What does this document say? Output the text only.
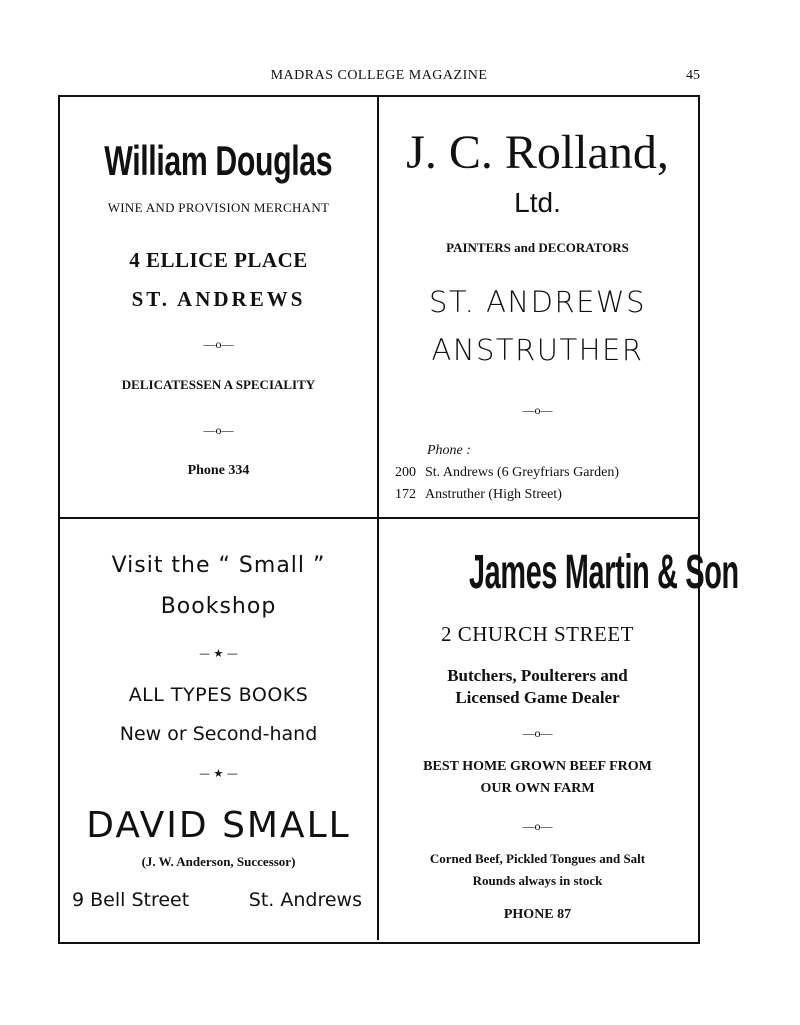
MADRAS COLLEGE MAGAZINE	45
William Douglas
WINE AND PROVISION MERCHANT
4 ELLICE PLACE
ST. ANDREWS
—o—
DELICATESSEN A SPECIALITY
—o—
Phone 334
J. C. Rolland,
Ltd.
PAINTERS and DECORATORS
ST. ANDREWS
ANSTRUTHER
—o—
Phone :
200 St. Andrews (6 Greyfriars Garden)
172 Anstruther (High Street)
Visit the “ Small ”
Bookshop
— ★ —
ALL TYPES BOOKS
New or Second-hand
— ★ —
DAVID SMALL
(J. W. Anderson, Successor)
9 Bell Street	St. Andrews
James Martin & Son
2 CHURCH STREET
Butchers, Poulterers and
Licensed Game Dealer
—o—
BEST HOME GROWN BEEF FROM
OUR OWN FARM
—o—
Corned Beef, Pickled Tongues and Salt
Rounds always in stock
PHONE 87
